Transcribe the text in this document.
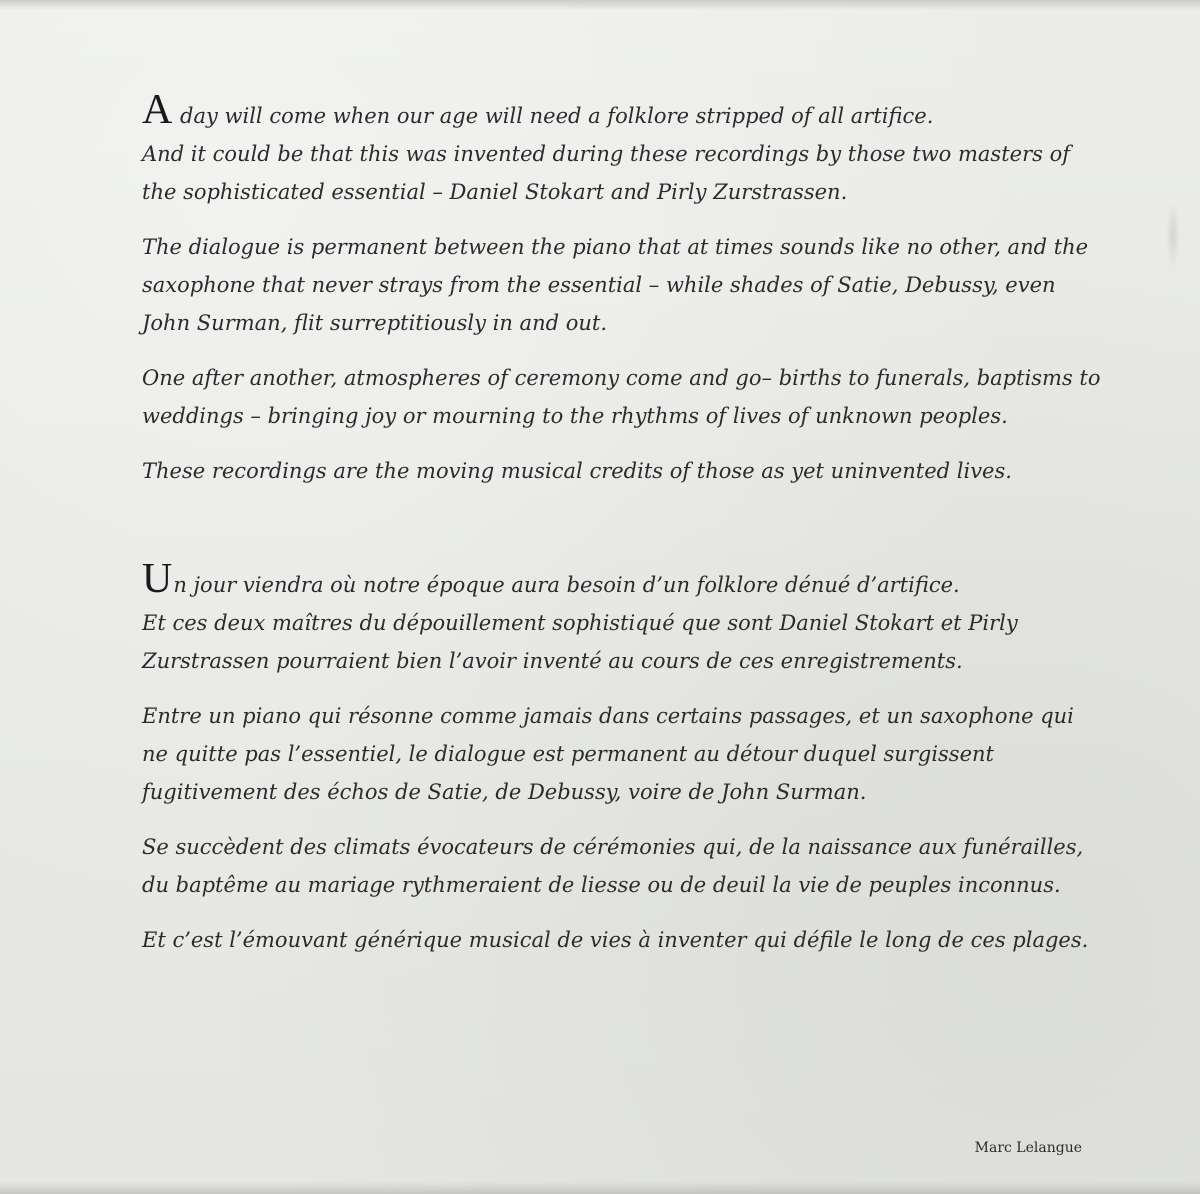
A day will come when our age will need a folklore stripped of all artifice.
And it could be that this was invented during these recordings by those two masters of the sophisticated essential – Daniel Stokart and Pirly Zurstrassen.

The dialogue is permanent between the piano that at times sounds like no other, and the saxophone that never strays from the essential – while shades of Satie, Debussy, even John Surman, flit surreptitiously in and out.

One after another, atmospheres of ceremony come and go– births to funerals, baptisms to weddings – bringing joy or mourning to the rhythms of lives of unknown peoples.

These recordings are the moving musical credits of those as yet uninvented lives.

Un jour viendra où notre époque aura besoin d’un folklore dénué d’artifice.
Et ces deux maîtres du dépouillement sophistiqué que sont Daniel Stokart et Pirly Zurstrassen pourraient bien l’avoir inventé au cours de ces enregistrements.

Entre un piano qui résonne comme jamais dans certains passages, et un saxophone qui ne quitte pas l’essentiel, le dialogue est permanent au détour duquel surgissent fugitivement des échos de Satie, de Debussy, voire de John Surman.

Se succèdent des climats évocateurs de cérémonies qui, de la naissance aux funérailles, du baptême au mariage rythmeraient de liesse ou de deuil la vie de peuples inconnus.

Et c’est l’émouvant générique musical de vies à inventer qui défile le long de ces plages.

Marc Lelangue
